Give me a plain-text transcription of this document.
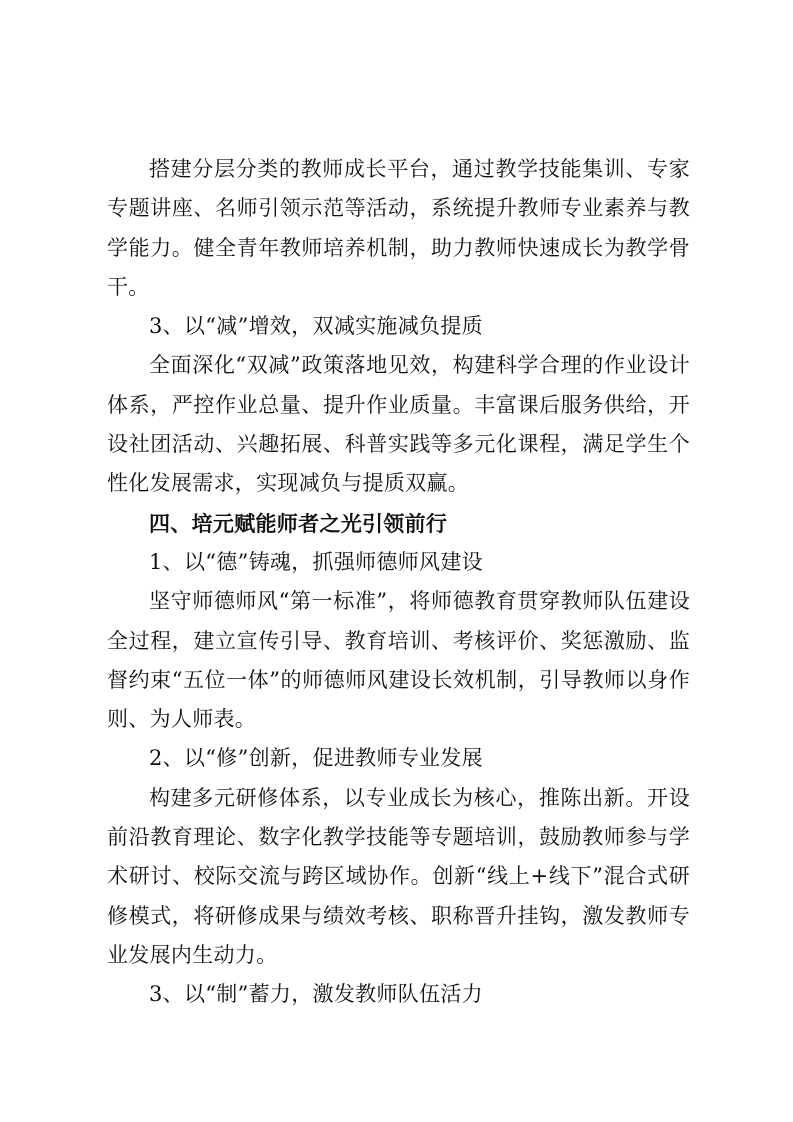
搭建分层分类的教师成长平台，通过教学技能集训、专家专题讲座、名师引领示范等活动，系统提升教师专业素养与教学能力。健全青年教师培养机制，助力教师快速成长为教学骨干。

3、以“减”增效，双减实施减负提质

全面深化“双减”政策落地见效，构建科学合理的作业设计体系，严控作业总量、提升作业质量。丰富课后服务供给，开设社团活动、兴趣拓展、科普实践等多元化课程，满足学生个性化发展需求，实现减负与提质双赢。

四、培元赋能师者之光引领前行

1、以“德”铸魂，抓强师德师风建设

坚守师德师风“第一标准”，将师德教育贯穿教师队伍建设全过程，建立宣传引导、教育培训、考核评价、奖惩激励、监督约束“五位一体”的师德师风建设长效机制，引导教师以身作则、为人师表。

2、以“修”创新，促进教师专业发展

构建多元研修体系，以专业成长为核心，推陈出新。开设前沿教育理论、数字化教学技能等专题培训，鼓励教师参与学术研讨、校际交流与跨区域协作。创新“线上+线下”混合式研修模式，将研修成果与绩效考核、职称晋升挂钩，激发教师专业发展内生动力。

3、以“制”蓄力，激发教师队伍活力
